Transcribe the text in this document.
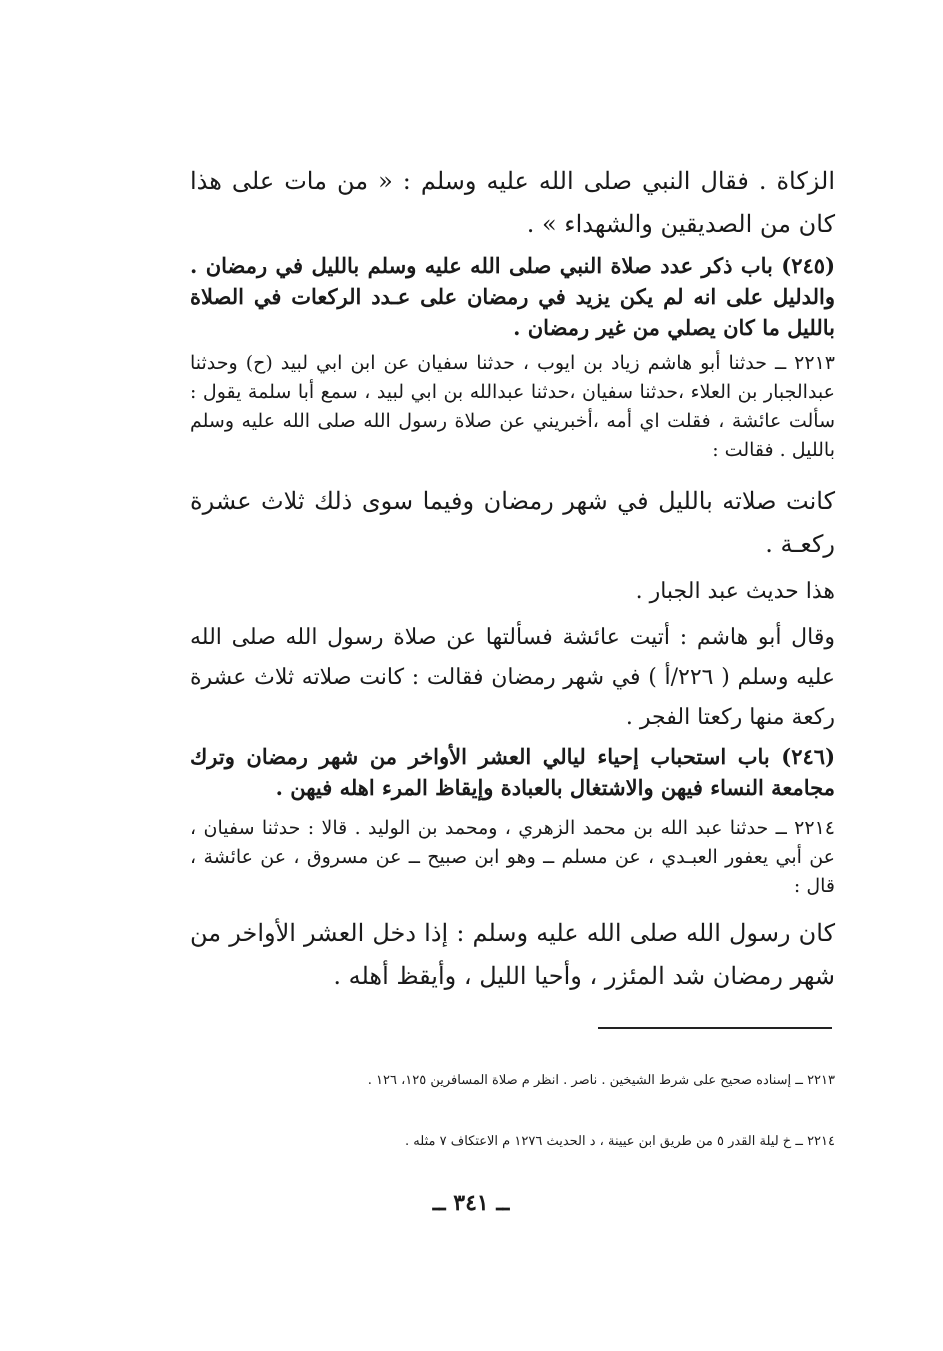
الزكاة . فقال النبي صلى الله عليه وسلم : « من مات على هذا كان من الصديقين والشهداء » .

(٢٤٥) باب ذكر عدد صلاة النبي صلى الله عليه وسلم بالليل في رمضان . والدليل على انه لم يكن يزيد في رمضان على عـدد الركعات في الصلاة بالليل ما كان يصلي من غير رمضان .

٢٢١٣ ــ حدثنا أبو هاشم زياد بن ايوب ، حدثنا سفيان عن ابن ابي لبيد (ح) وحدثنا عبدالجبار بن العلاء ،حدثنا سفيان ،حدثنا عبدالله بن ابي لبيد ، سمع أبا سلمة يقول : سألت عائشة ، فقلت اي أمه ،أخبريني عن صلاة رسول الله صلى الله عليه وسلم بالليل . فقالت :

كانت صلاته بالليل في شهر رمضان وفيما سوى ذلك ثلاث عشرة ركعـة .

هذا حديث عبد الجبار .

وقال أبو هاشم : أتيت عائشة فسألتها عن صلاة رسول الله صلى الله عليه وسلم ( ٢٢٦/أ ) في شهر رمضان فقالت : كانت صلاته ثلاث عشرة ركعة منها ركعتا الفجر .

(٢٤٦) باب استحباب إحياء ليالي العشر الأواخر من شهر رمضان وترك مجامعة النساء فيهن والاشتغال بالعبادة وإيقاظ المرء اهله فيهن .

٢٢١٤ ــ حدثنا عبد الله بن محمد الزهري ، ومحمد بن الوليد . قالا : حدثنا سفيان ، عن أبي يعفور العبـدي ، عن مسلم ــ وهو ابن صبيح ــ عن مسروق ، عن عائشة ، قال :

كان رسول الله صلى الله عليه وسلم : إذا دخل العشر الأواخر من شهر رمضان شد المئزر ، وأحيا الليل ، وأيقظ أهله .

٢٢١٣ ــ إسناده صحيح على شرط الشيخين . ناصر . انظر م صلاة المسافرين ١٢٥، ١٢٦ .

٢٢١٤ ــ خ ليلة القدر ٥ من طريق ابن عيينة ، د الحديث ١٢٧٦ م الاعتكاف ٧ مثله .

ــ ٣٤١ ــ
